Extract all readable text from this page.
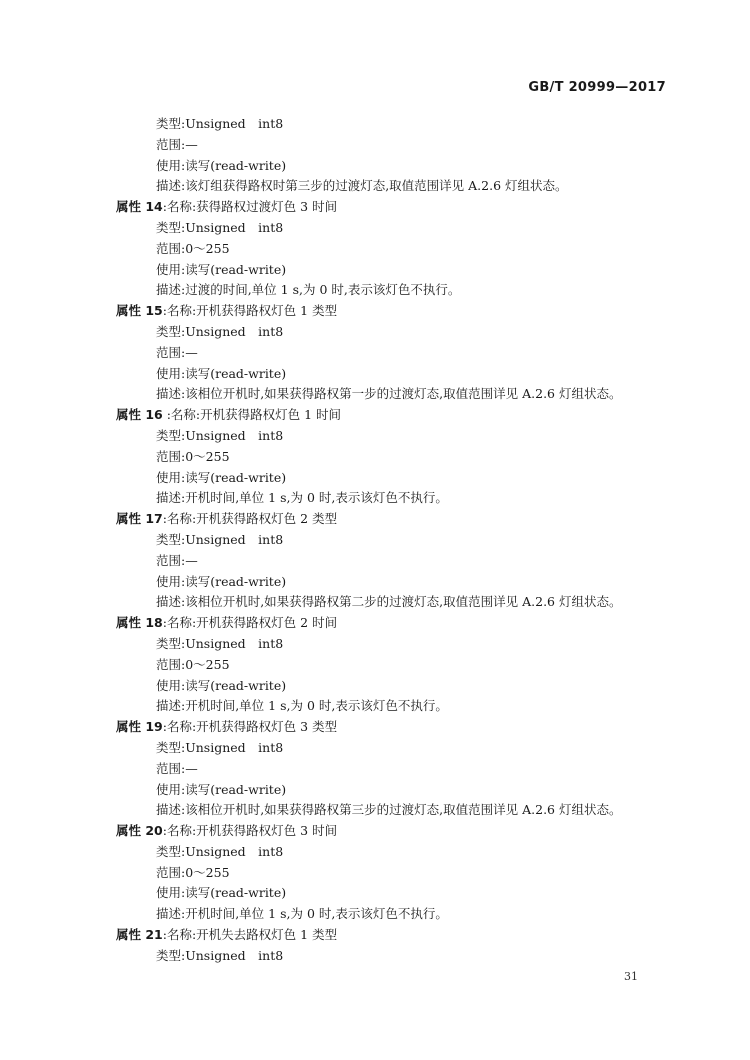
GB/T 20999—2017
类型:Unsigned　int8
范围:—
使用:读写(read-write)
描述:该灯组获得路权时第三步的过渡灯态,取值范围详见 A.2.6 灯组状态。
属性 14:名称:获得路权过渡灯色 3 时间
类型:Unsigned　int8
范围:0～255
使用:读写(read-write)
描述:过渡的时间,单位 1 s,为 0 时,表示该灯色不执行。
属性 15:名称:开机获得路权灯色 1 类型
类型:Unsigned　int8
范围:—
使用:读写(read-write)
描述:该相位开机时,如果获得路权第一步的过渡灯态,取值范围详见 A.2.6 灯组状态。
属性 16 :名称:开机获得路权灯色 1 时间
类型:Unsigned　int8
范围:0～255
使用:读写(read-write)
描述:开机时间,单位 1 s,为 0 时,表示该灯色不执行。
属性 17:名称:开机获得路权灯色 2 类型
类型:Unsigned　int8
范围:—
使用:读写(read-write)
描述:该相位开机时,如果获得路权第二步的过渡灯态,取值范围详见 A.2.6 灯组状态。
属性 18:名称:开机获得路权灯色 2 时间
类型:Unsigned　int8
范围:0～255
使用:读写(read-write)
描述:开机时间,单位 1 s,为 0 时,表示该灯色不执行。
属性 19:名称:开机获得路权灯色 3 类型
类型:Unsigned　int8
范围:—
使用:读写(read-write)
描述:该相位开机时,如果获得路权第三步的过渡灯态,取值范围详见 A.2.6 灯组状态。
属性 20:名称:开机获得路权灯色 3 时间
类型:Unsigned　int8
范围:0～255
使用:读写(read-write)
描述:开机时间,单位 1 s,为 0 时,表示该灯色不执行。
属性 21:名称:开机失去路权灯色 1 类型
类型:Unsigned　int8
31
